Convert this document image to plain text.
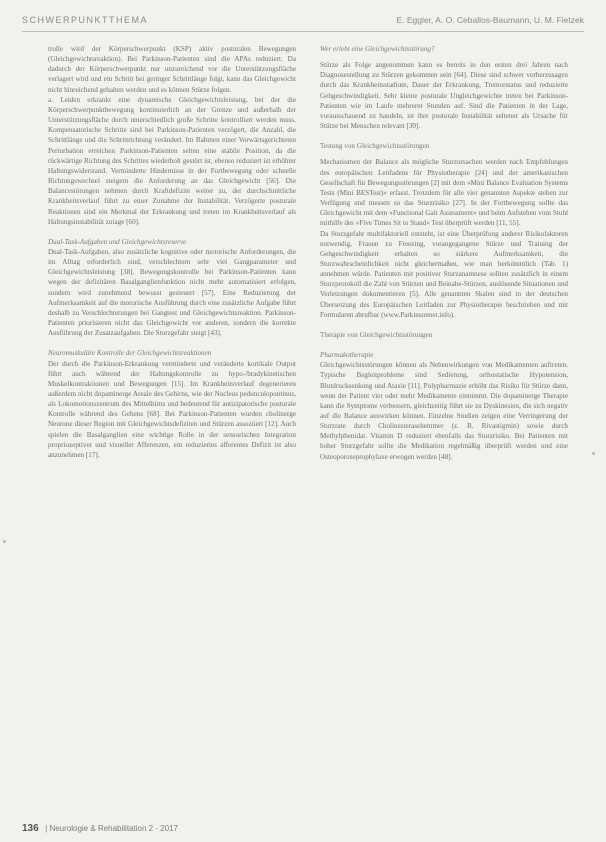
SCHWERPUNKTTHEMA	E. Eggler, A. O. Ceballos-Baumann, U. M. Fietzek

trolle wird der Körperschwerpunkt (KSP) aktiv posturalen Bewegungen (Gleichgewichtsreaktion). Bei Parkinson-Patienten sind die APAs reduziert. Da dadurch der Körperschwerpunkt nur unzureichend vor die Unterstützungsfläche verlagert wird und ein Schritt bei geringer Schrittlänge folgt, kann das Gleichgewicht nicht hinreichend gehalten werden und es können Stürze folgen.

a. Leiden erkrankt eine dynamische Gleichgewichtsleistung, bei der die Körperschwerpunktbewegung kontinuierlich an der Grenze und außerhalb der Unterstützungsfläche durch unterschiedlich große Schritte kontrolliert werden muss. Kompensatorische Schritte sind bei Parkinson-Patienten verzögert, die Anzahl, die Schrittlänge und die Schrittrichtung verändert. Im Rahmen einer Vorwärtsgerichteten Perturbation erreichen Parkinson-Patienten selten eine stabile Position, da die rückwärtige Richtung des Schrittes wiederholt gestört ist, ebenso reduziert ist erhöhter Haltungswiderstand. Verminderte Hindernisse in der Fortbewegung oder schnelle Richtungswechsel steigern die Anforderung an das Gleichgewicht [56]. Die Balancestörungen nehmen durch Kraftdefizite weiter zu, der durchschnittliche Krankheitsverlauf führt zu einer Zunahme der Instabilität. Verzögerte posturale Reaktionen sind ein Merkmal der Erkrankung und treten im Krankheitsverlauf als Haltungsinstabilität zutage [60].

Dual-Task-Aufgaben und Gleichgewichtsreserve

Dual-Task-Aufgaben, also zusätzliche kognitive oder motorische Anforderungen, die im Alltag erforderlich sind, verschlechtern sehr viel Gangparameter und Gleichgewichtsleistung [38]. Bewegungskontrolle bei Parkinson-Patienten kann wegen der defizitären Basalganglienfunktion nicht mehr automatisiert erfolgen, sondern wird zunehmend bewusst gesteuert [57]. Eine Reduzierung der Aufmerksamkeit auf die motorische Ausführung durch eine zusätzliche Aufgabe führt deshalb zu Verschlechterungen bei Gangtest und Gleichgewichtsreaktion. Parkinson-Patienten priorisieren nicht das Gleichgewicht vor anderen, sondern die korrekte Ausführung der Zusatzaufgaben. Die Sturzgefahr steigt [43].

Neuromuskuläre Kontrolle der Gleichgewichtsreaktionen

Der durch die Parkinson-Erkrankung verminderte und veränderte kortikale Output führt auch während der Haltungskontrolle zu hypo-/bradykinetischen Muskelkontraktionen und Bewegungen [15]. Im Krankheitsverlauf degenerieren außerdem nicht dopaminerge Areale des Gehirns, wie der Nucleus pedunculopontinus, als Lokomotionszentrum des Mittelhirns und bedeutend für antizipatorische posturale Kontrolle während des Gehens [68]. Bei Parkinson-Patienten wurden cholinerge Neurone dieser Region mit Gleichgewichtsdefiziten und Stürzen assoziiert [12]. Auch spielen die Basalganglien eine wichtige Rolle in der sensorischen Integration propriozeptiver und visueller Afferenzen, ein reduziertes afferentes Defizit ist also anzunehmen [17].

Wer erlebt eine Gleichgewichtsstörung?

Stürze als Folge angenommen kann es bereits in den ersten drei Jahren nach Diagnosestellung zu Stürzen gekommen sein [64]. Diese sind schwer vorherzusagen durch das Krankheitsstadium, Dauer der Erkrankung, Tremorstatus und reduzierte Gehgeschwindigkeit. Sehr kleine posturale Ungleichgewichte treten bei Parkinson-Patienten wie im Laufe mehrerer Stunden auf. Sind die Patienten in der Lage, vorausschauend zu handeln, ist ihre posturale Instabilität seltener als Ursache für Stürze bei Menschen relevant [30].

Testung von Gleichgewichtsstörungen

Mechanismen der Balance als mögliche Sturzursachen werden nach Empfehlungen des europäischen Leitfadens für Physiotherapie [24] und der amerikanischen Gesellschaft für Bewegungsstörungen [2] mit dem »Mini Balance Evaluation Systems Tests (Mini BESTest)« erfasst. Trotzdem für alle vier genannten Aspekte stehen zur Verfügung und messen so das Sturzrisiko [27]. In der Fortbewegung sollte das Gleichgewicht mit dem »Functional Gait Assessment« und beim Aufstehen vom Stuhl mithilfe des »Five Times Sit to Stand« Test überprüft werden [11, 55].

Da Sturzgefahr multifaktoriell entsteht, ist eine Überprüfung anderer Risikofaktoren notwendig, Frauen zu Freezing, vorangegangene Stürze und Training der Gehgeschwindigkeit erhalten so stärkere Aufmerksamkeit, die Sturzwahrscheinlichkeit nicht gleichermaßen, wie man herkömmlich (Tab. 1) annehmen würde. Patienten mit positiver Sturzanamnese sollten zusätzlich in einem Sturzprotokoll die Zahl von Stürzen und Beinahe-Stürzen, auslösende Situationen und Verletzungen dokumentieren [5]. Alle genannten Skalen sind in der deutschen Übersetzung des Europäischen Leitfaden zur Physiotherapie beschrieben und mit Formularen abrufbar (www.Parkinsonnet.info).

Therapie von Gleichgewichtsstörungen

Pharmakotherapie

Gleichgewichtsstörungen können als Nebenwirkungen von Medikamenten auftreten. Typische Begleitprobleme sind Sedierung, orthostatische Hypotension, Blutdrucksenkung und Ataxie [11]. Polypharmazie erhöht das Risiko für Stürze dann, wenn der Patient vier oder mehr Medikamente einnimmt. Die dopaminerge Therapie kann die Symptome verbessern, gleichzeitig führt sie zu Dyskinesien, die sich negativ auf die Balance auswirken können. Einzelne Studien zeigen eine Verringerung der Sturzrate durch Cholinesterasehemmer (z. B. Rivastigmin) sowie durch Methylphenidat. Vitamin D reduziert ebenfalls das Sturzrisiko. Bei Patienten mit hoher Sturzgefahr sollte die Medikation regelmäßig überprüft werden und eine Osteoporoseprophylaxe erwogen werden [48].

136 | Neurologie & Rehabilitation 2 · 2017
